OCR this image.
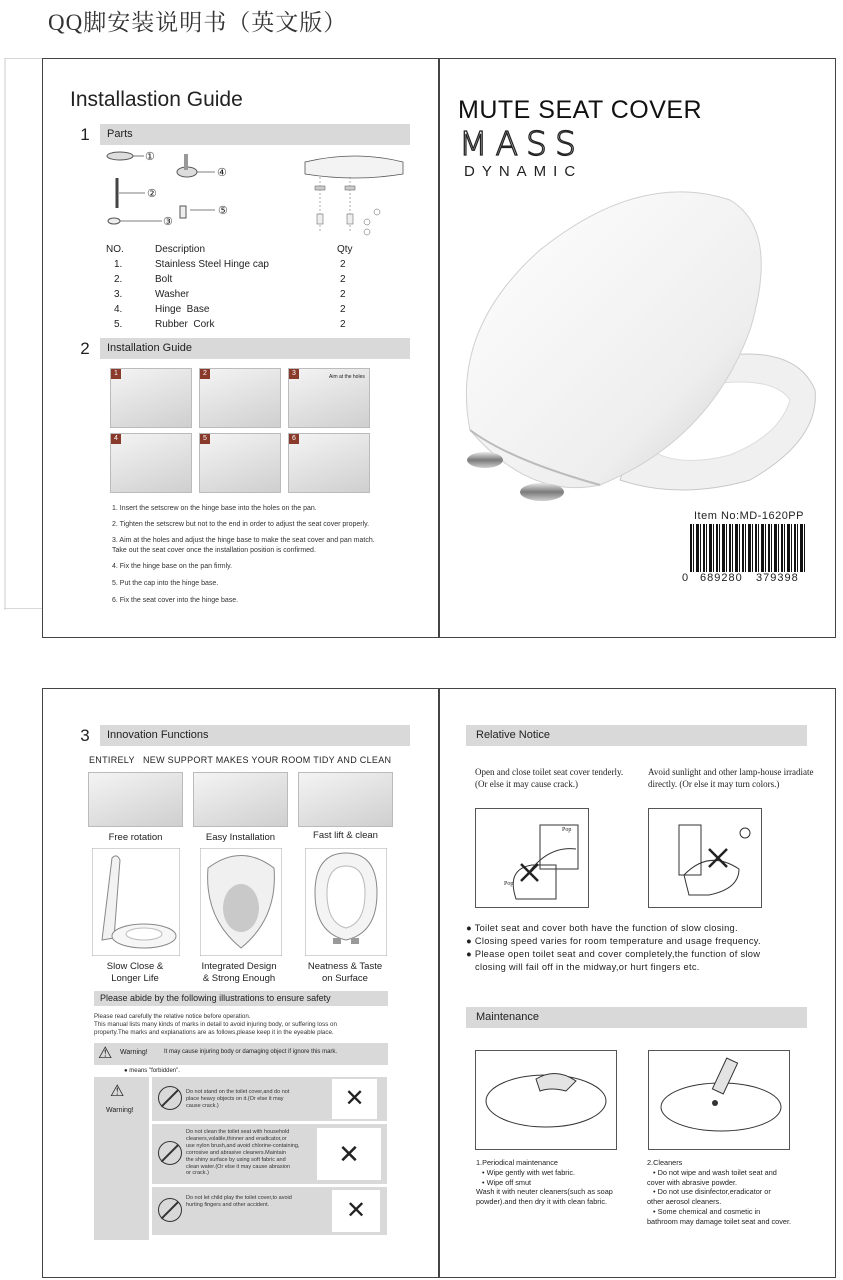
QQ脚安装说明书（英文版）
Installastion Guide
1	Parts
①
②
③
④
⑤
NO.	Description	Qty
1.	Stainless Steel Hinge cap	2
2.	Bolt	2
3.	Washer	2
4.	Hinge  Base	2
5.	Rubber  Cork	2
2	Installation Guide
1	2	3	Aim at the holes
4	5	6
1. Insert the setscrew on the hinge base into the holes on the pan.
2. Tighten the setscrew but not to the end in order to adjust the seat cover properly.
3. Aim at the holes and adjust the hinge base to make the seat cover and pan match. Take out the seat cover once the installation position is confirmed.
4. Fix the hinge base on the pan firmly.
5. Put the cap into the hinge base.
6. Fix the seat cover into the hinge base.
MUTE SEAT COVER
MASS
DYNAMIC
Item No:MD-1620PP
0 689280 379398
3	Innovation Functions
ENTIRELY   NEW SUPPORT MAKES YOUR ROOM TIDY AND CLEAN
Free rotation	Easy Installation	Fast lift & clean
Slow Close &
Longer Life
Integrated Design
& Strong Enough
Neatness & Taste
on Surface
Please abide by the following illustrations to ensure safety
Please read carefully the relative notice before operation.
This manual lists many kinds of marks in detail to avoid injuring body, or suffering loss on
property.The marks and explanations are as follows,please keep it in the eyeable place.
⚠ Warning!	It may cause injuring body or damaging object if ignore this mark.
● means "forbidden".
⚠
Warning!
Do not stand on the toilet cover,and do not
place heavy objects on it.(Or else it may
cause crack.)	✕
Do not clean the toilet seat with household
cleaners,volatile,thinner and eradicator,or
use nylon brush,and avoid chlorine-containing,
corrosive and abrasive cleaners.Maintain
the shiny surface by using soft fabric and
clean water.(Or else it may cause abrasion
or crack.)
✕
Do not let child play the toilet cover,to avoid
hurting fingers and other accident.	✕
Relative Notice
Open and close toilet seat cover tenderly.
(Or else it may cause crack.)
Avoid sunlight and other lamp-house irradiate
directly. (Or else it may turn colors.)
Pop
Pop
● Toilet seat and cover both have the function of slow closing.
● Closing speed varies for room temperature and usage frequency.
● Please open toilet seat and cover completely,the function of slow
closing will fail off in the midway,or hurt fingers etc.
Maintenance
1.Periodical maintenance
• Wipe gently with wet fabric.
• Wipe off smut
Wash it with neuter cleaners(such as soap
powder).and then dry it with clean fabric.
2.Cleaners
• Do not wipe and wash toilet seat and
cover with abrasive powder.
• Do not use disinfector,eradicator or
other aerosol cleaners.
• Some chemical and cosmetic in
bathroom may damage toilet seat and cover.
